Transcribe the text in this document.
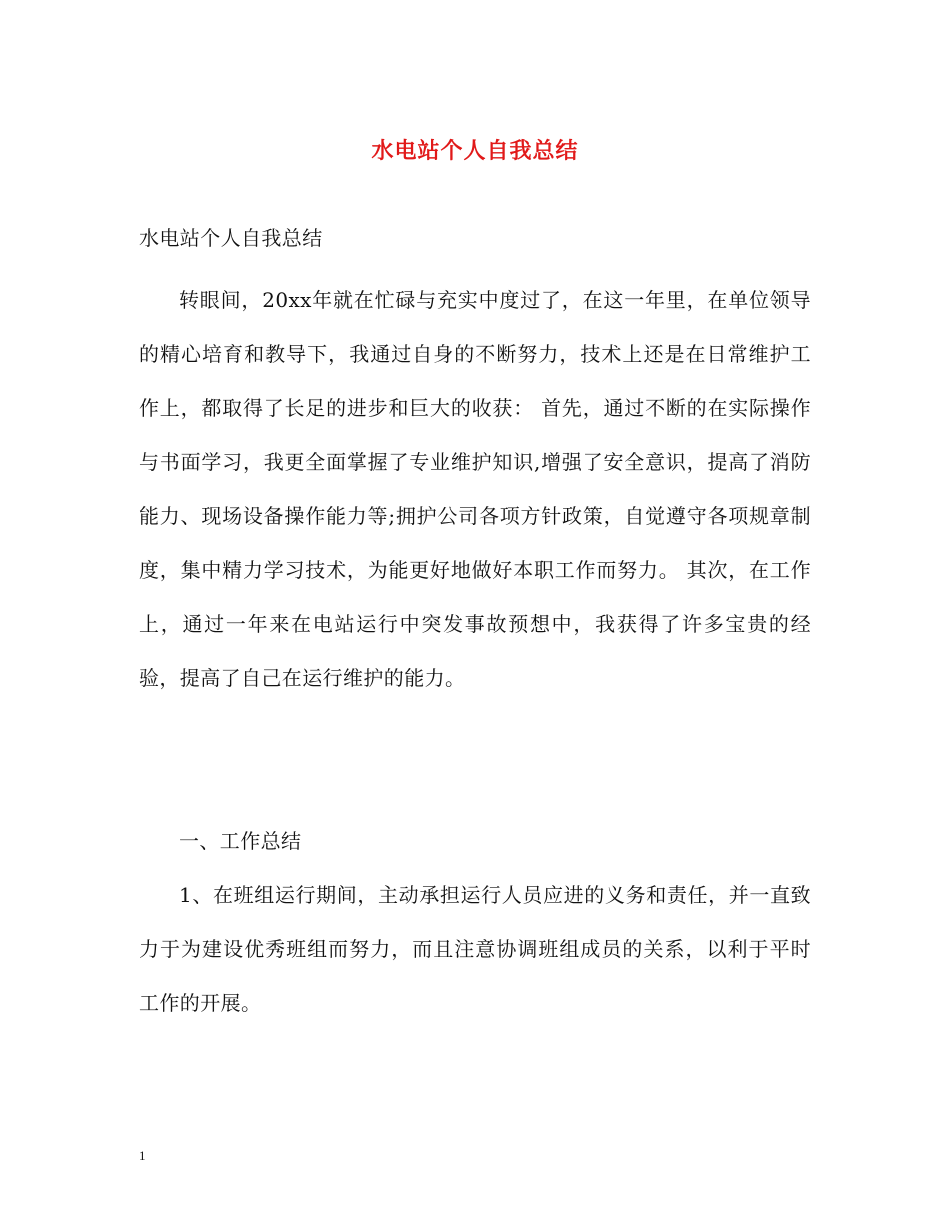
水电站个人自我总结
水电站个人自我总结
转眼间，20xx年就在忙碌与充实中度过了，在这一年里，在单位领导的精心培育和教导下，我通过自身的不断努力，技术上还是在日常维护工作上，都取得了长足的进步和巨大的收获： 首先，通过不断的在实际操作与书面学习，我更全面掌握了专业维护知识,增强了安全意识，提高了消防能力、现场设备操作能力等;拥护公司各项方针政策，自觉遵守各项规章制度，集中精力学习技术，为能更好地做好本职工作而努力。 其次，在工作上，通过一年来在电站运行中突发事故预想中，我获得了许多宝贵的经验，提高了自己在运行维护的能力。
一、工作总结
1、在班组运行期间，主动承担运行人员应进的义务和责任，并一直致力于为建设优秀班组而努力，而且注意协调班组成员的关系，以利于平时工作的开展。
1
